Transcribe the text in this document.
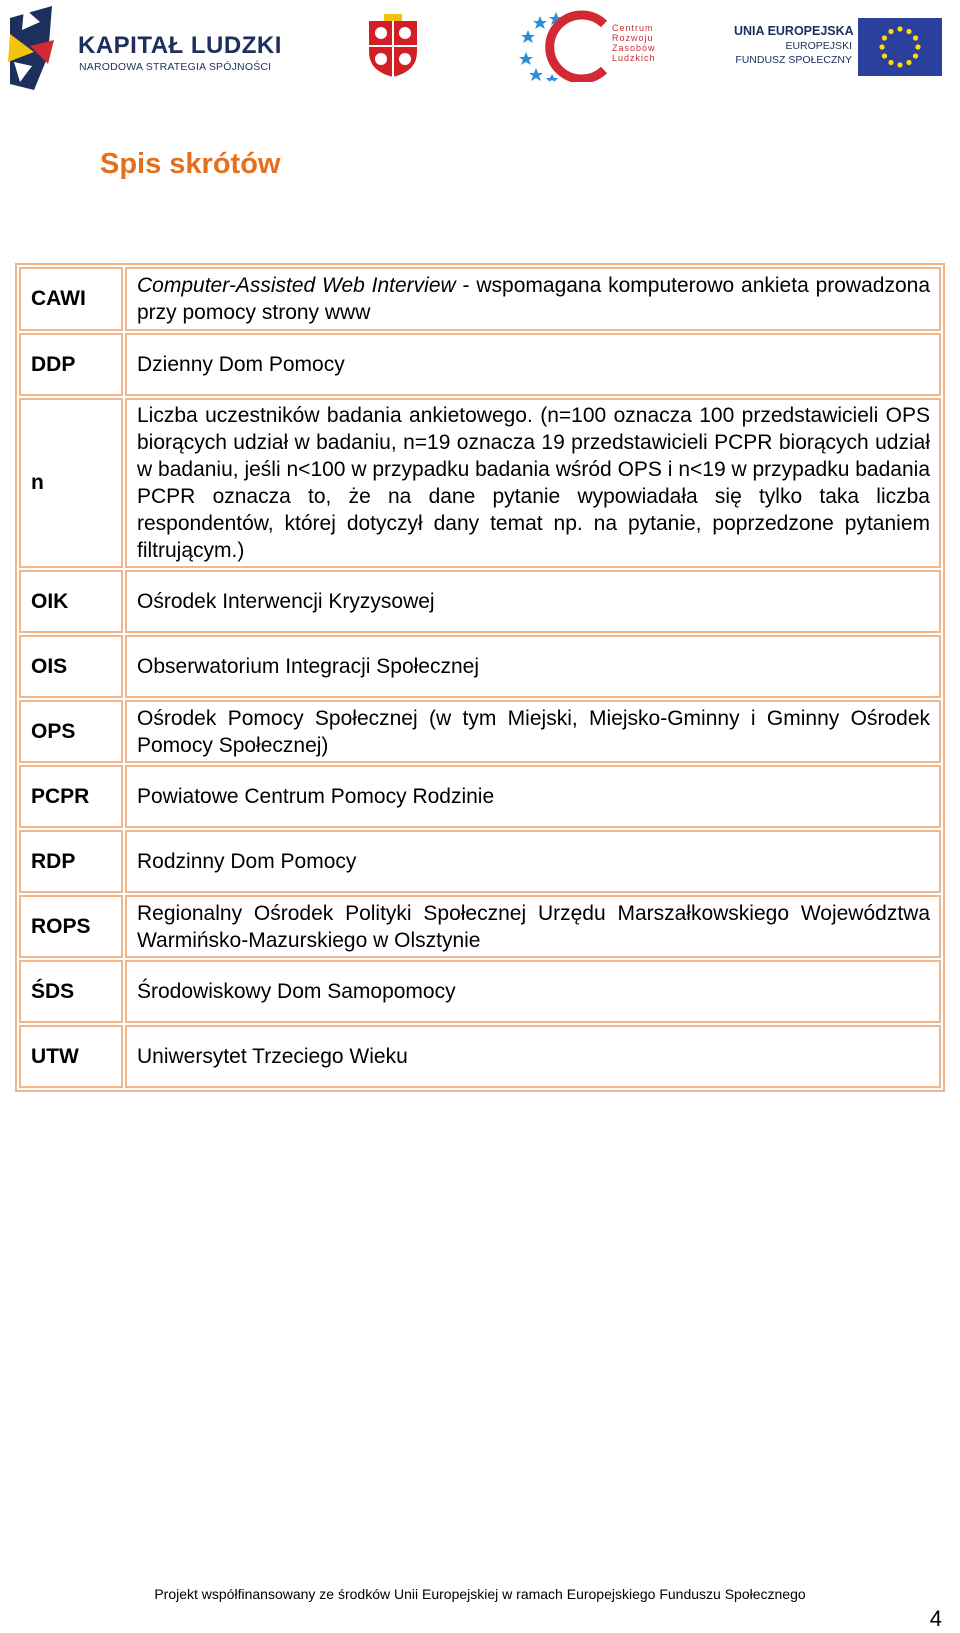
KAPITAŁ LUDZKI
NARODOWA STRATEGIA SPÓJNOŚCI
Centrum
Rozwoju
Zasobów
Ludzkich
UNIA EUROPEJSKA
EUROPEJSKI
FUNDUSZ SPOŁECZNY
Spis skrótów
CAWI	Computer-Assisted Web Interview - wspomagana komputerowo ankieta prowadzona przy pomocy strony www
DDP	Dzienny Dom Pomocy
n	Liczba uczestników badania ankietowego. (n=100 oznacza 100 przedstawicieli OPS biorących udział w badaniu, n=19 oznacza 19 przedstawicieli PCPR biorących udział w badaniu, jeśli n<100 w przypadku badania wśród OPS i n<19 w przypadku badania PCPR oznacza to, że na dane pytanie wypowiadała się tylko taka liczba respondentów, której dotyczył dany temat np. na pytanie, poprzedzone pytaniem filtrującym.)
OIK	Ośrodek Interwencji Kryzysowej
OIS	Obserwatorium Integracji Społecznej
OPS	Ośrodek Pomocy Społecznej (w tym Miejski, Miejsko-Gminny i Gminny Ośrodek Pomocy Społecznej)
PCPR	Powiatowe Centrum Pomocy Rodzinie
RDP	Rodzinny Dom Pomocy
ROPS	Regionalny Ośrodek Polityki Społecznej Urzędu Marszałkowskiego Województwa Warmińsko-Mazurskiego w Olsztynie
ŚDS	Środowiskowy Dom Samopomocy
UTW	Uniwersytet Trzeciego Wieku
Projekt współfinansowany ze środków Unii Europejskiej w ramach Europejskiego Funduszu Społecznego
4
